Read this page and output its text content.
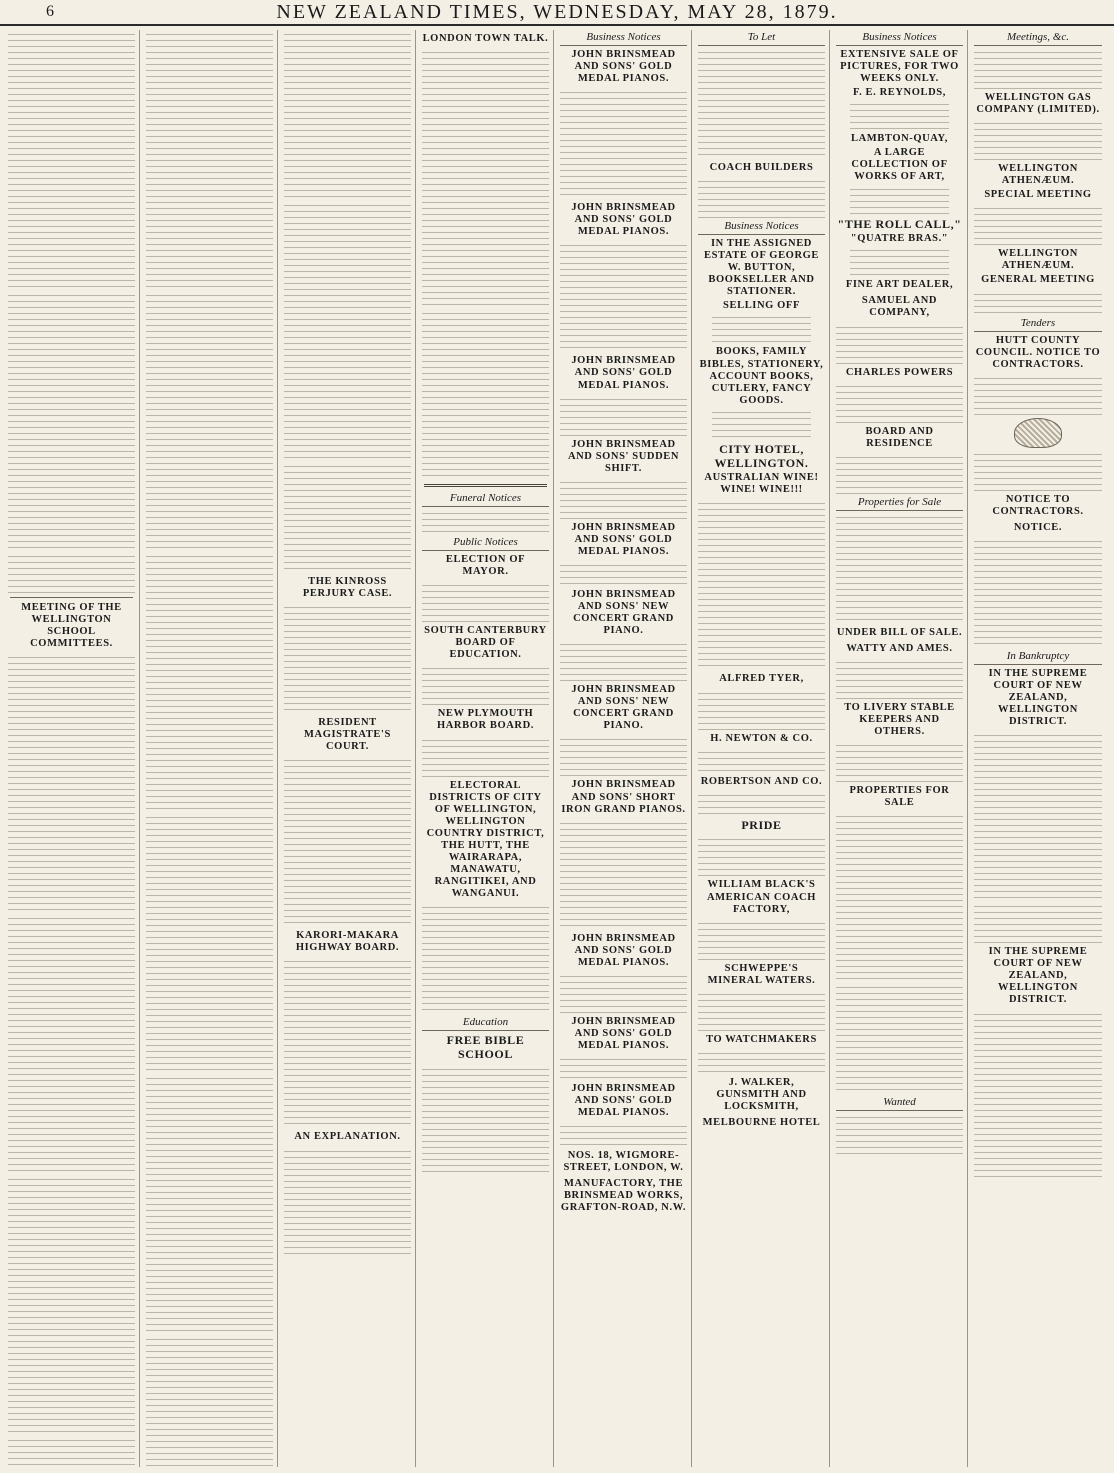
6	NEW ZEALAND TIMES, WEDNESDAY, MAY 28, 1879.
MEETING OF THE WELLINGTON SCHOOL COMMITTEES.
THE KINROSS PERJURY CASE.
RESIDENT MAGISTRATE'S COURT.
KARORI-MAKARA HIGHWAY BOARD.
AN EXPLANATION.
LONDON TOWN TALK.
Funeral Notices
Public Notices
ELECTION OF MAYOR.
SOUTH CANTERBURY BOARD OF EDUCATION.
NEW PLYMOUTH HARBOR BOARD.
ELECTORAL DISTRICTS OF CITY OF WELLINGTON, WELLINGTON COUNTRY DISTRICT, THE HUTT, THE WAIRARAPA, MANAWATU, RANGITIKEI, AND WANGANUI.
Education
FREE BIBLE SCHOOL
Business Notices
JOHN BRINSMEAD AND SONS' GOLD MEDAL PIANOS.
JOHN BRINSMEAD AND SONS' GOLD MEDAL PIANOS.
JOHN BRINSMEAD AND SONS' GOLD MEDAL PIANOS.
JOHN BRINSMEAD AND SONS' SUDDEN SHIFT.
JOHN BRINSMEAD AND SONS' GOLD MEDAL PIANOS.
JOHN BRINSMEAD AND SONS' NEW CONCERT GRAND PIANO.
JOHN BRINSMEAD AND SONS' NEW CONCERT GRAND PIANO.
JOHN BRINSMEAD AND SONS' SHORT IRON GRAND PIANOS.
JOHN BRINSMEAD AND SONS' GOLD MEDAL PIANOS.
JOHN BRINSMEAD AND SONS' GOLD MEDAL PIANOS.
JOHN BRINSMEAD AND SONS' GOLD MEDAL PIANOS.
NOS. 18, WIGMORE-STREET, LONDON, W.
MANUFACTORY, THE BRINSMEAD WORKS, GRAFTON-ROAD, N.W.
To Let
COACH BUILDERS
Business Notices
IN THE ASSIGNED ESTATE OF GEORGE W. BUTTON, BOOKSELLER AND STATIONER.
SELLING OFF
BOOKS, FAMILY BIBLES, STATIONERY, ACCOUNT BOOKS, CUTLERY, FANCY GOODS.
CITY HOTEL, WELLINGTON.
AUSTRALIAN WINE! WINE! WINE!!!
ALFRED TYER,
H. NEWTON & CO.
ROBERTSON AND CO.
PRIDE
WILLIAM BLACK'S AMERICAN COACH FACTORY,
SCHWEPPE'S MINERAL WATERS.
TO WATCHMAKERS
J. WALKER, GUNSMITH AND LOCKSMITH,
MELBOURNE HOTEL
Business Notices
EXTENSIVE SALE OF PICTURES, FOR TWO WEEKS ONLY.
F. E. REYNOLDS,
LAMBTON-QUAY,
A LARGE COLLECTION OF WORKS OF ART,
"THE ROLL CALL,"
"QUATRE BRAS."
FINE ART DEALER,
SAMUEL AND COMPANY,
CHARLES POWERS
BOARD AND RESIDENCE
Properties for Sale
UNDER BILL OF SALE.
WATTY AND AMES.
TO LIVERY STABLE KEEPERS AND OTHERS.
PROPERTIES FOR SALE
Wanted
Meetings, &c.
WELLINGTON GAS COMPANY (LIMITED).
WELLINGTON ATHENÆUM.
SPECIAL MEETING
WELLINGTON ATHENÆUM.
GENERAL MEETING
Tenders
HUTT COUNTY COUNCIL. NOTICE TO CONTRACTORS.
NOTICE TO CONTRACTORS.
NOTICE.
In Bankruptcy
IN THE SUPREME COURT OF NEW ZEALAND, WELLINGTON DISTRICT.
IN THE SUPREME COURT OF NEW ZEALAND, WELLINGTON DISTRICT.
